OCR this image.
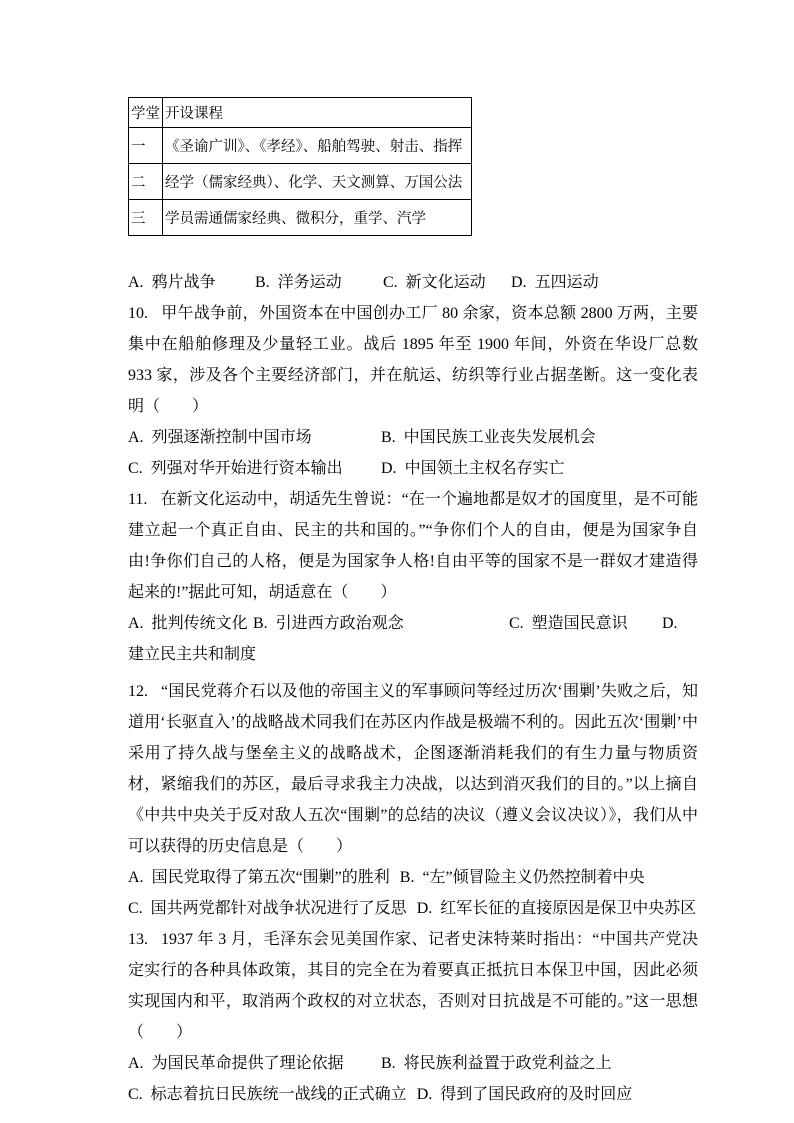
学堂	开设课程
一	《圣谕广训》、《孝经》、船舶驾驶、射击、指挥
二	经学（儒家经典）、化学、天文测算、万国公法
三	学员需通儒家经典、微积分，重学、汽学
A. 鸦片战争 B. 洋务运动	C. 新文化运动 D. 五四运动

10. 甲午战争前，外国资本在中国创办工厂 80 余家，资本总额 2800 万两，主要集中在船舶修理及少量轻工业。战后 1895 年至 1900 年间，外资在华设厂总数 933 家，涉及各个主要经济部门，并在航运、纺织等行业占据垄断。这一变化表明（　　）

A. 列强逐渐控制中国市场	B. 中国民族工业丧失发展机会
C. 列强对华开始进行资本输出 D. 中国领土主权名存实亡

11. 在新文化运动中，胡适先生曾说：“在一个遍地都是奴才的国度里，是不可能建立起一个真正自由、民主的共和国的。”“争你们个人的自由，便是为国家争自由!争你们自己的人格，便是为国家争人格!自由平等的国家不是一群奴才建造得起来的!”据此可知，胡适意在（　　）

A. 批判传统文化 B. 引进西方政治观念	C. 塑造国民意识 D.
建立民主共和制度

12. “国民党蒋介石以及他的帝国主义的军事顾问等经过历次‘围剿’失败之后，知道用‘长驱直入’的战略战术同我们在苏区内作战是极端不利的。因此五次‘围剿’中采用了持久战与堡垒主义的战略战术，企图逐渐消耗我们的有生力量与物质资材，紧缩我们的苏区，最后寻求我主力决战，以达到消灭我们的目的。”以上摘自《中共中央关于反对敌人五次“围剿”的总结的决议（遵义会议决议）》，我们从中可以获得的历史信息是（　　）

A. 国民党取得了第五次“围剿”的胜利 B. “左”倾冒险主义仍然控制着中央
C. 国共两党都针对战争状况进行了反思 D. 红军长征的直接原因是保卫中央苏区

13. 1937 年 3 月，毛泽东会见美国作家、记者史沫特莱时指出：“中国共产党决定实行的各种具体政策，其目的完全在为着要真正抵抗日本保卫中国，因此必须实现国内和平，取消两个政权的对立状态，否则对日抗战是不可能的。”这一思想（　　）

A. 为国民革命提供了理论依据 B. 将民族利益置于政党利益之上
C. 标志着抗日民族统一战线的正式确立 D. 得到了国民政府的及时回应
